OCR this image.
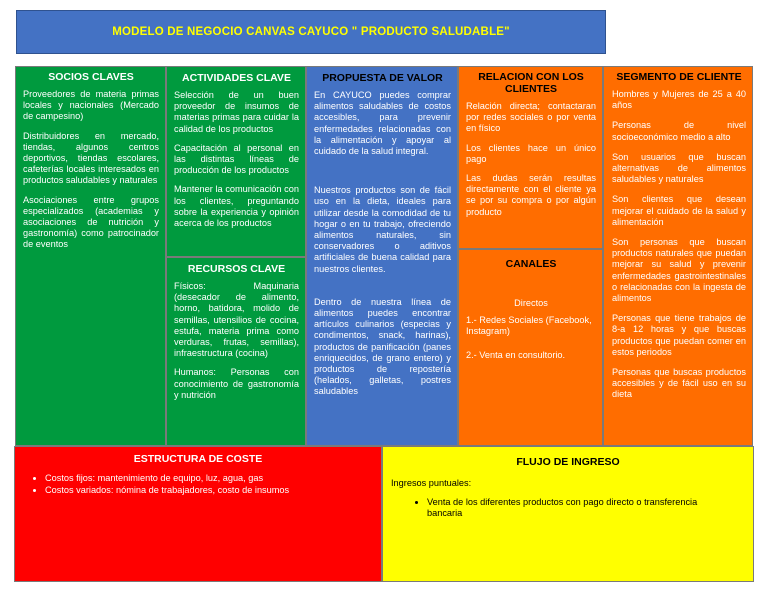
MODELO DE NEGOCIO CANVAS CAYUCO " PRODUCTO SALUDABLE"
SOCIOS CLAVES

Proveedores de materia primas locales y nacionales (Mercado de campesino)

Distribuidores en mercado, tiendas, algunos centros deportivos, tiendas escolares, cafeterías locales interesados en productos saludables y naturales

Asociaciones entre grupos especializados (academias y asociaciones de nutrición y gastronomía) como patrocinador de eventos

ACTIVIDADES CLAVE

Selección de un buen proveedor de insumos de materias primas para cuidar la calidad de los productos

Capacitación al personal en las distintas líneas de producción de los productos

Mantener la comunicación con los clientes, preguntando sobre la experiencia y opinión acerca de los productos

RECURSOS CLAVE

Físicos: Maquinaria (desecador de alimento, horno, batidora, molido de semillas, utensilios de cocina, estufa, materia prima como verduras, frutas, semillas), infraestructura (cocina)

Humanos: Personas con conocimiento de gastronomía y nutrición

PROPUESTA DE VALOR

En CAYUCO puedes comprar alimentos saludables de costos accesibles, para prevenir enfermedades relacionadas con la alimentación y apoyar al cuidado de la salud integral.

Nuestros productos son de fácil uso en la dieta, ideales para utilizar desde la comodidad de tu hogar o en tu trabajo, ofreciendo alimentos naturales, sin conservadores o aditivos artificiales de buena calidad para nuestros clientes.

Dentro de nuestra línea de alimentos puedes encontrar artículos culinarios (especias y condimentos, snack, harinas), productos de panificación (panes enriquecidos, de grano entero) y productos de repostería (helados, galletas, postres saludables

RELACION CON LOS CLIENTES

Relación directa; contactaran por redes sociales o por venta en físico

Los clientes hace un único pago

Las dudas serán resultas directamente con el cliente ya se por su compra o por algún producto

CANALES

Directos

1.- Redes Sociales (Facebook, Instagram)

2.- Venta en consultorio.

SEGMENTO DE CLIENTE

Hombres y Mujeres de 25 a 40 años

Personas de nivel socioeconómico medio a alto

Son usuarios que buscan alternativas de alimentos saludables y naturales

Son clientes que desean mejorar el cuidado de la salud y alimentación

Son personas que buscan productos naturales que puedan mejorar su salud y prevenir enfermedades gastrointestinales o relacionadas con la ingesta de alimentos

Personas que tiene trabajos de 8-a 12 horas y que buscas productos que puedan comer en estos periodos

Personas que buscas productos accesibles y de fácil uso en su dieta

ESTRUCTURA DE COSTE
• Costos fijos: mantenimiento de equipo, luz, agua, gas
• Costos variados: nómina de trabajadores, costo de insumos
FLUJO DE INGRESO

Ingresos puntuales:

• Venta de los diferentes productos con pago directo o transferencia bancaria
